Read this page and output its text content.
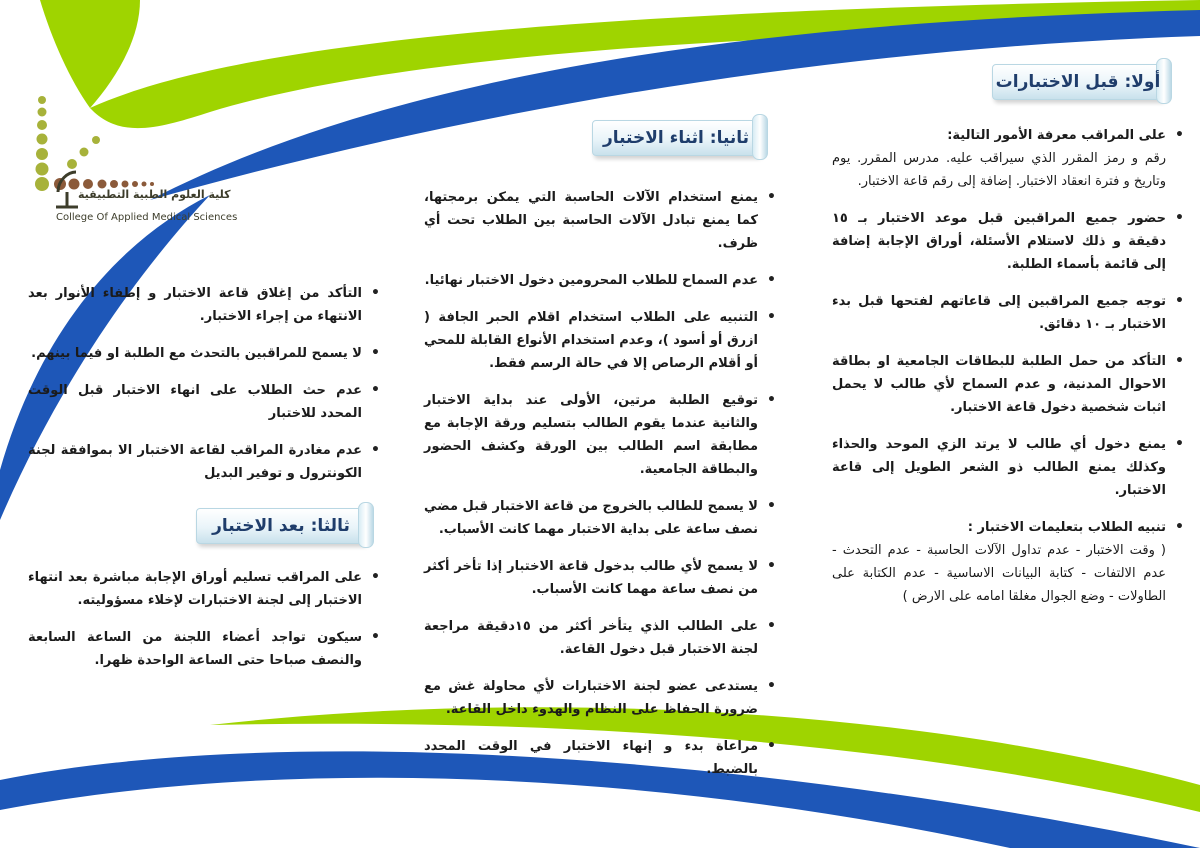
كلية العلوم الطبية التطبيقية
College Of Applied Medical Sciences
أولا: قبل الاختبارات
• على المراقب معرفة الأمور التالية:
رقم و رمز المقرر الذي سيراقب عليه. مدرس المقرر. يوم وتاريخ و فترة انعقاد الاختبار. إضافة إلى رقم قاعة الاختبار.
• حضور جميع المراقبين قبل موعد الاختبار بـ ١٥ دقيقة و ذلك لاستلام الأسئلة، أوراق الإجابة إضافة إلى قائمة بأسماء الطلبة.
• توجه جميع المراقبين إلى قاعاتهم لفتحها قبل بدء الاختبار بـ ١٠ دقائق.
• التأكد من حمل الطلبة للبطاقات الجامعية او بطاقة الاحوال المدنية، و عدم السماح لأي طالب لا يحمل اثبات شخصية دخول قاعة الاختبار.
• يمنع دخول أي طالب لا يرتد الزي الموحد والحذاء وكذلك يمنع الطالب ذو الشعر الطويل إلى قاعة الاختبار.
• تنبيه الطلاب بتعليمات الاختبار :
( وقت الاختبار - عدم تداول الآلات الحاسبة - عدم التحدث - عدم الالتفات - كتابة البيانات الاساسية - عدم الكتابة على الطاولات - وضع الجوال مغلقا امامه على الارض )
ثانيا: اثناء الاختبار
• يمنع استخدام الآلات الحاسبة التي يمكن برمجتها، كما يمنع تبادل الآلات الحاسبة بين الطلاب تحت أي ظرف.
• عدم السماح للطلاب المحرومين دخول الاختبار نهائيا.
• التنبيه على الطلاب استخدام اقلام الحبر الجافة ( ازرق أو أسود )، وعدم استخدام الأنواع القابلة للمحي أو أقلام الرصاص إلا في حالة الرسم فقط.
• توقيع الطلبة مرتين، الأولى عند بداية الاختبار والثانية عندما يقوم الطالب بتسليم ورقة الإجابة مع مطابقة اسم الطالب بين الورقة وكشف الحضور والبطاقة الجامعية.
• لا يسمح للطالب بالخروج من قاعة الاختبار قبل مضي نصف ساعة على بداية الاختبار مهما كانت الأسباب.
• لا يسمح لأي طالب بدخول قاعة الاختبار إذا تأخر أكثر من نصف ساعة مهما كانت الأسباب.
• على الطالب الذي يتأخر أكثر من ١٥دقيقة مراجعة لجنة الاختبار قبل دخول القاعة.
• يستدعى عضو لجنة الاختبارات لأي محاولة غش مع ضرورة الحفاظ على النظام والهدوء داخل القاعة.
• مراعاة بدء و إنهاء الاختبار في الوقت المحدد بالضبط.
• التأكد من إغلاق قاعة الاختبار و إطفاء الأنوار بعد الانتهاء من إجراء الاختبار.
• لا يسمح للمراقبين بالتحدث مع الطلبة او فيما بينهم.
• عدم حث الطلاب على انهاء الاختبار قبل الوقت المحدد للاختبار
• عدم مغادرة المراقب لقاعة الاختبار الا بموافقة لجنة الكونترول و توفير البديل
ثالثا: بعد الاختبار
• على المراقب تسليم أوراق الإجابة مباشرة بعد انتهاء الاختبار إلى لجنة الاختبارات لإخلاء مسؤوليته.
• سيكون تواجد أعضاء اللجنة من الساعة السابعة والنصف صباحا حتى الساعة الواحدة ظهرا.
